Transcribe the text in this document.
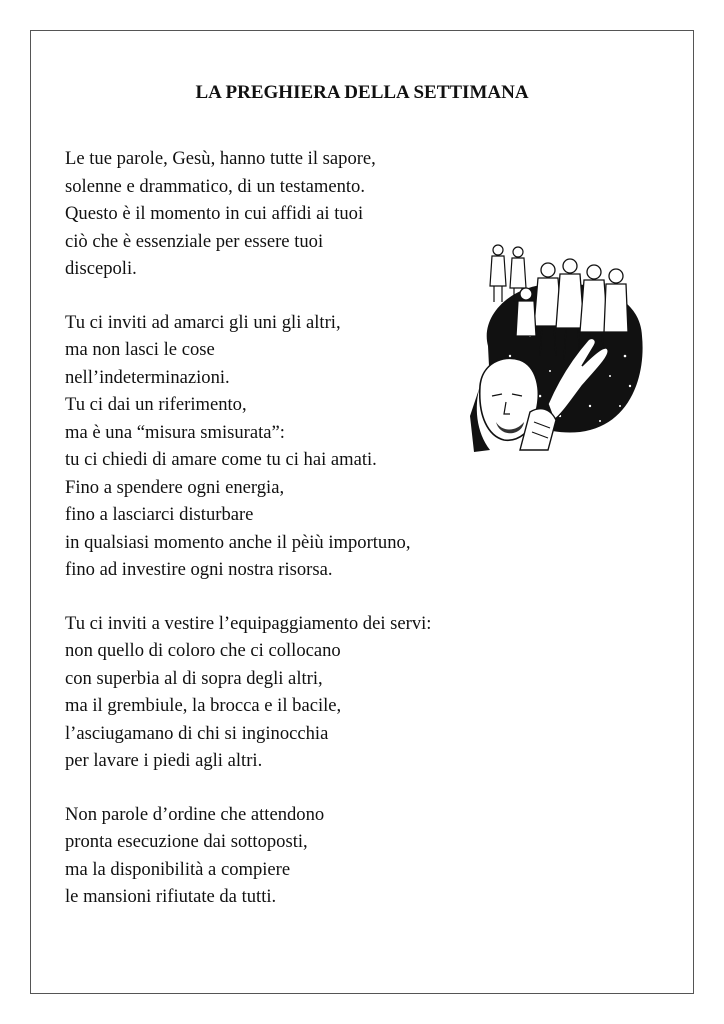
LA PREGHIERA DELLA SETTIMANA
Le tue parole, Gesù, hanno tutte il sapore,
solenne e drammatico, di un testamento.
Questo è il momento in cui affidi ai tuoi
ciò che è essenziale per essere tuoi
discepoli.
Tu ci inviti ad amarci gli uni gli altri,
ma non lasci le cose
nell’indeterminazioni.
Tu ci dai un riferimento,
ma è una “misura smisurata”:
tu ci chiedi di amare come tu ci hai amati.
Fino a spendere ogni energia,
fino a lasciarci disturbare
in qualsiasi momento anche il pèiù importuno,
fino ad investire ogni nostra risorsa.
Tu ci inviti a vestire l’equipaggiamento dei servi:
non quello di coloro che ci collocano
con superbia al di sopra degli altri,
ma il grembiule, la brocca e il bacile,
l’asciugamano di chi si inginocchia
per lavare i piedi agli altri.
Non parole d’ordine che attendono
pronta esecuzione dai sottoposti,
ma la disponibilità a compiere
le mansioni rifiutate da tutti.
